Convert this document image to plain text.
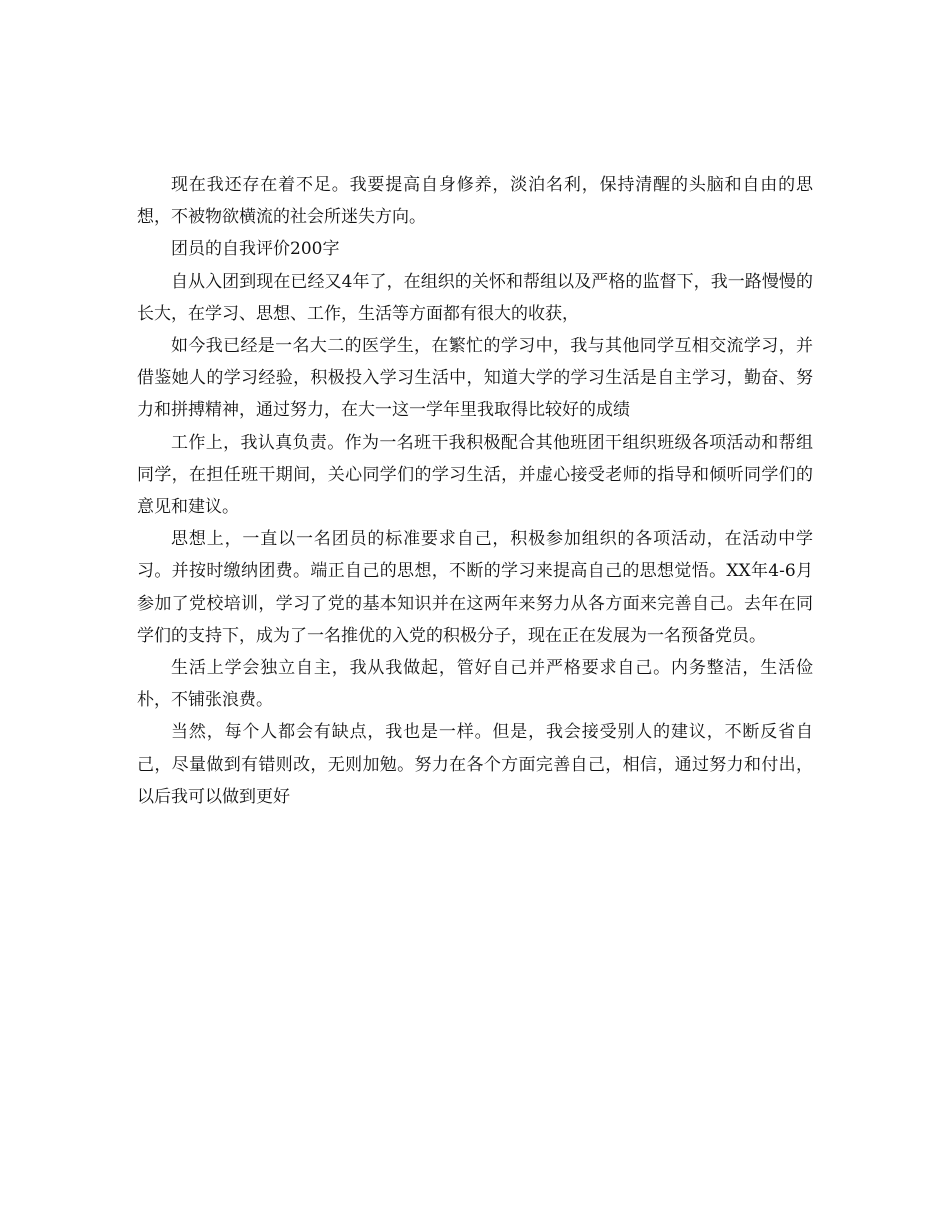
现在我还存在着不足。我要提高自身修养，淡泊名利，保持清醒的头脑和自由的思想，不被物欲横流的社会所迷失方向。

团员的自我评价200字

自从入团到现在已经又4年了，在组织的关怀和帮组以及严格的监督下，我一路慢慢的长大，在学习、思想、工作，生活等方面都有很大的收获，

如今我已经是一名大二的医学生，在繁忙的学习中，我与其他同学互相交流学习，并借鉴她人的学习经验，积极投入学习生活中，知道大学的学习生活是自主学习，勤奋、努力和拼搏精神，通过努力，在大一这一学年里我取得比较好的成绩

工作上，我认真负责。作为一名班干我积极配合其他班团干组织班级各项活动和帮组同学，在担任班干期间，关心同学们的学习生活，并虚心接受老师的指导和倾听同学们的意见和建议。

思想上，一直以一名团员的标准要求自己，积极参加组织的各项活动，在活动中学习。并按时缴纳团费。端正自己的思想，不断的学习来提高自己的思想觉悟。XX年4-6月参加了党校培训，学习了党的基本知识并在这两年来努力从各方面来完善自己。去年在同学们的支持下，成为了一名推优的入党的积极分子，现在正在发展为一名预备党员。

生活上学会独立自主，我从我做起，管好自己并严格要求自己。内务整洁，生活俭朴，不铺张浪费。

当然，每个人都会有缺点，我也是一样。但是，我会接受别人的建议，不断反省自己，尽量做到有错则改，无则加勉。努力在各个方面完善自己，相信，通过努力和付出，以后我可以做到更好
